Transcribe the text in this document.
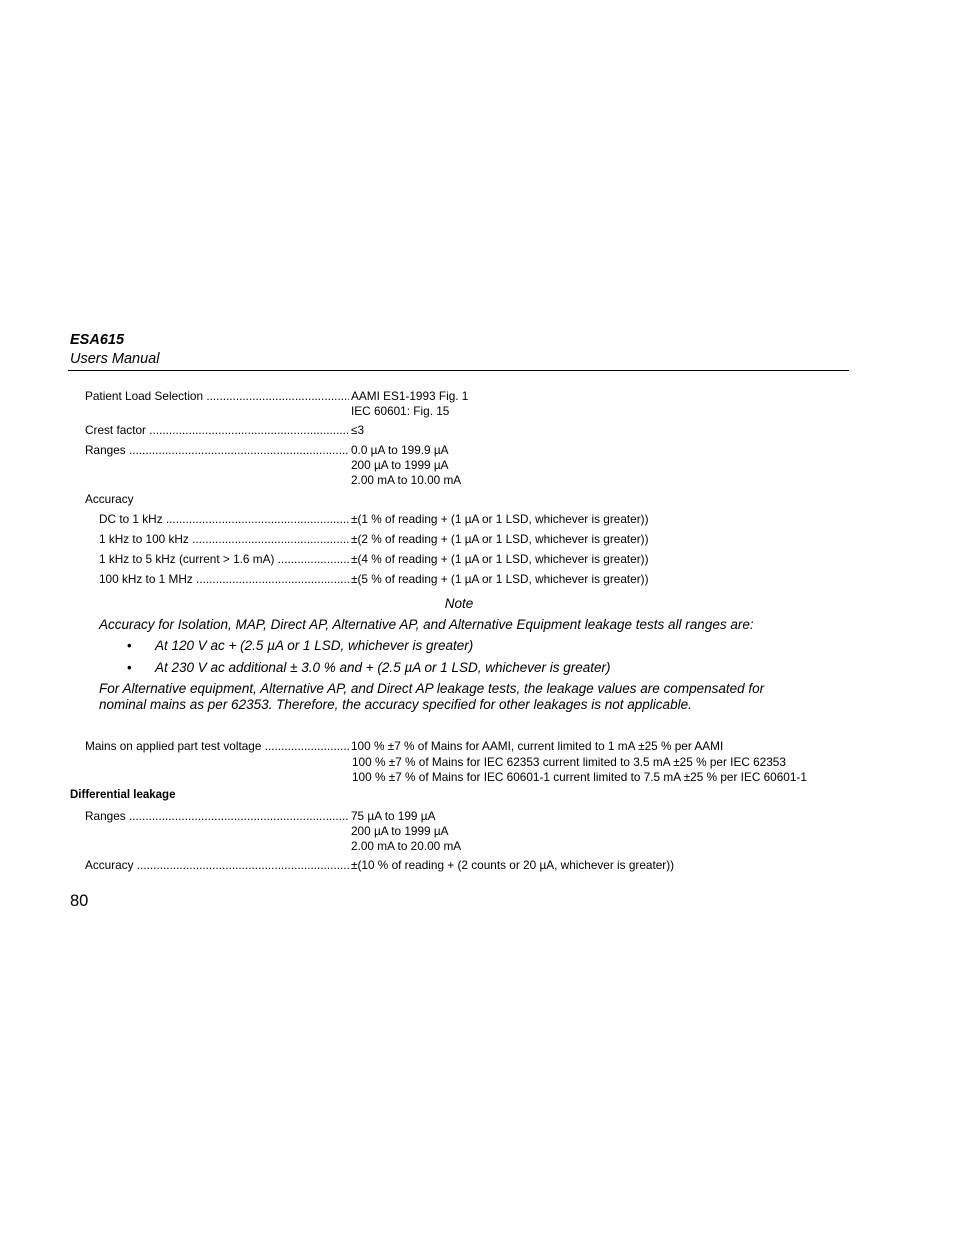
ESA615
Users Manual
Patient Load Selection .....	AAMI ES1-1993 Fig. 1
IEC 60601: Fig. 15
Crest factor .....	≤3
Ranges .....	0.0 µA to 199.9 µA
200 µA to 1999 µA
2.00 mA to 10.00 mA
Accuracy
DC to 1 kHz .....	±(1 % of reading + (1 µA or 1 LSD, whichever is greater))
1 kHz to 100 kHz .....	±(2 % of reading + (1 µA or 1 LSD, whichever is greater))
1 kHz to 5 kHz (current > 1.6 mA) .....	±(4 % of reading + (1 µA or 1 LSD, whichever is greater))
100 kHz to 1 MHz .....	±(5 % of reading + (1 µA or 1 LSD, whichever is greater))
Note
Accuracy for Isolation, MAP, Direct AP, Alternative AP, and Alternative Equipment leakage tests all ranges are:
• At 120 V ac + (2.5 µA or 1 LSD, whichever is greater)
• At 230 V ac additional ± 3.0 % and + (2.5 µA or 1 LSD, whichever is greater)
For Alternative equipment, Alternative AP, and Direct AP leakage tests, the leakage values are compensated for
nominal mains as per 62353. Therefore, the accuracy specified for other leakages is not applicable.
Mains on applied part test voltage .....	100 % ±7 % of Mains for AAMI, current limited to 1 mA ±25 % per AAMI
100 % ±7 % of Mains for IEC 62353 current limited to 3.5 mA ±25 % per IEC 62353
100 % ±7 % of Mains for IEC 60601-1 current limited to 7.5 mA ±25 % per IEC 60601-1
Differential leakage
Ranges .....	75 µA to 199 µA
200 µA to 1999 µA
2.00 mA to 20.00 mA
Accuracy .....	±(10 % of reading + (2 counts or 20 µA, whichever is greater))
80
